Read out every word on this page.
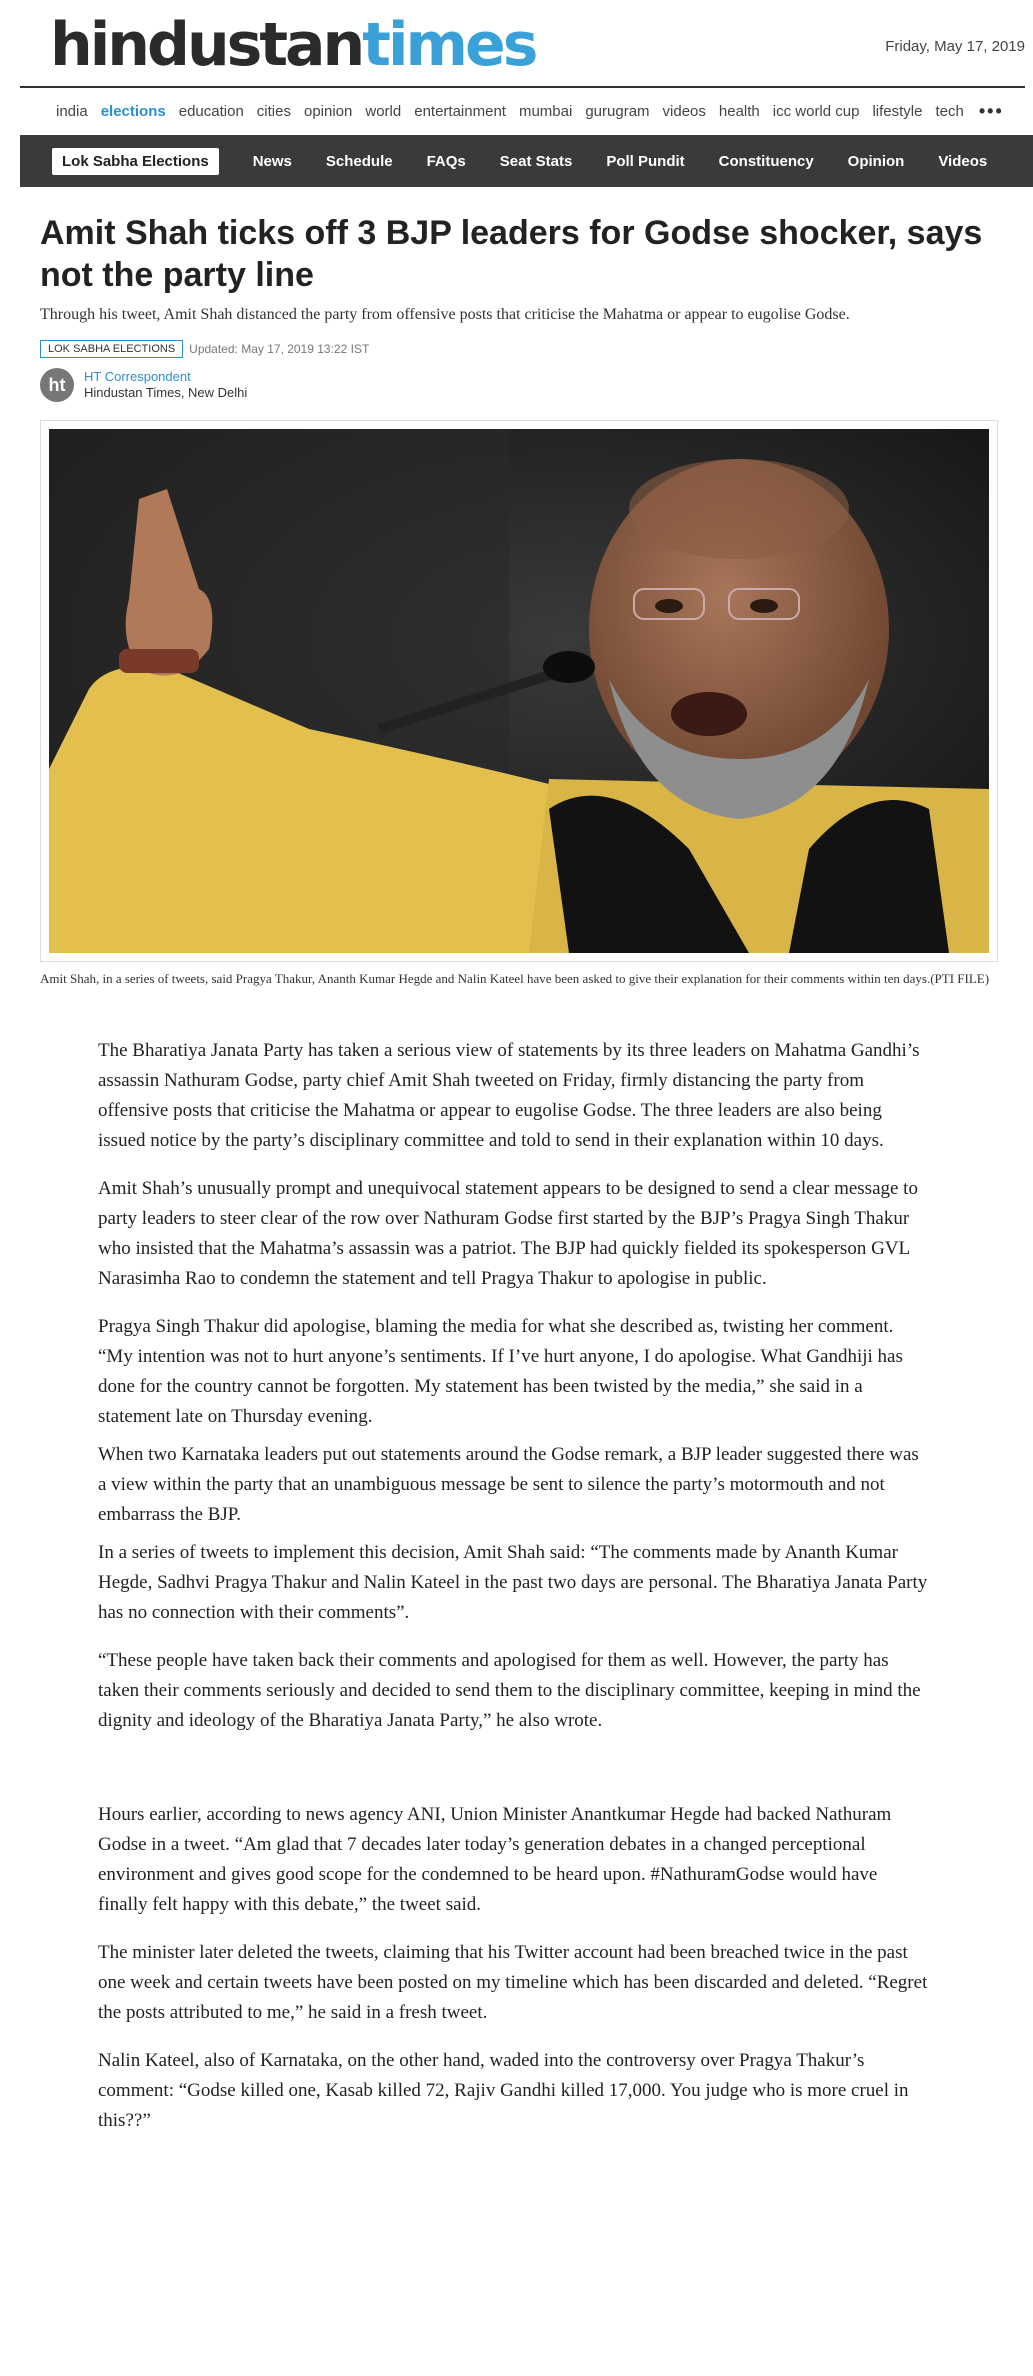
hindustantimes	Friday, May 17, 2019
india elections education cities opinion world entertainment mumbai gurugram videos health icc world cup lifestyle tech •••
Lok Sabha Elections	News Schedule FAQs Seat Stats Poll Pundit Constituency Opinion Videos
Amit Shah ticks off 3 BJP leaders for Godse shocker, says not the party line

Through his tweet, Amit Shah distanced the party from offensive posts that criticise the Mahatma or appear to eugolise Godse.

LOK SABHA ELECTIONS	Updated: May 17, 2019 13:22 IST
ht	HT Correspondent
Hindustan Times, New Delhi

Amit Shah, in a series of tweets, said Pragya Thakur, Ananth Kumar Hegde and Nalin Kateel have been asked to give their explanation for their comments within ten days.(PTI FILE)

The Bharatiya Janata Party has taken a serious view of statements by its three leaders on Mahatma Gandhi’s assassin Nathuram Godse, party chief Amit Shah tweeted on Friday, firmly distancing the party from offensive posts that criticise the Mahatma or appear to eugolise Godse. The three leaders are also being issued notice by the party’s disciplinary committee and told to send in their explanation within 10 days.

Amit Shah’s unusually prompt and unequivocal statement appears to be designed to send a clear message to party leaders to steer clear of the row over Nathuram Godse first started by the BJP’s Pragya Singh Thakur who insisted that the Mahatma’s assassin was a patriot. The BJP had quickly fielded its spokesperson GVL Narasimha Rao to condemn the statement and tell Pragya Thakur to apologise in public.

Pragya Singh Thakur did apologise, blaming the media for what she described as, twisting her comment. “My intention was not to hurt anyone’s sentiments. If I’ve hurt anyone, I do apologise. What Gandhiji has done for the country cannot be forgotten. My statement has been twisted by the media,” she said in a statement late on Thursday evening.

When two Karnataka leaders put out statements around the Godse remark, a BJP leader suggested there was a view within the party that an unambiguous message be sent to silence the party’s motormouth and not embarrass the BJP.

In a series of tweets to implement this decision, Amit Shah said: “The comments made by Ananth Kumar Hegde, Sadhvi Pragya Thakur and Nalin Kateel in the past two days are personal. The Bharatiya Janata Party has no connection with their comments”.

“These people have taken back their comments and apologised for them as well. However, the party has taken their comments seriously and decided to send them to the disciplinary committee, keeping in mind the dignity and ideology of the Bharatiya Janata Party,” he also wrote.

Hours earlier, according to news agency ANI, Union Minister Anantkumar Hegde had backed Nathuram Godse in a tweet. “Am glad that 7 decades later today’s generation debates in a changed perceptional environment and gives good scope for the condemned to be heard upon. #NathuramGodse would have finally felt happy with this debate,” the tweet said.

The minister later deleted the tweets, claiming that his Twitter account had been breached twice in the past one week and certain tweets have been posted on my timeline which has been discarded and deleted. “Regret the posts attributed to me,” he said in a fresh tweet.

Nalin Kateel, also of Karnataka, on the other hand, waded into the controversy over Pragya Thakur’s comment: “Godse killed one, Kasab killed 72, Rajiv Gandhi killed 17,000. You judge who is more cruel in this??”
